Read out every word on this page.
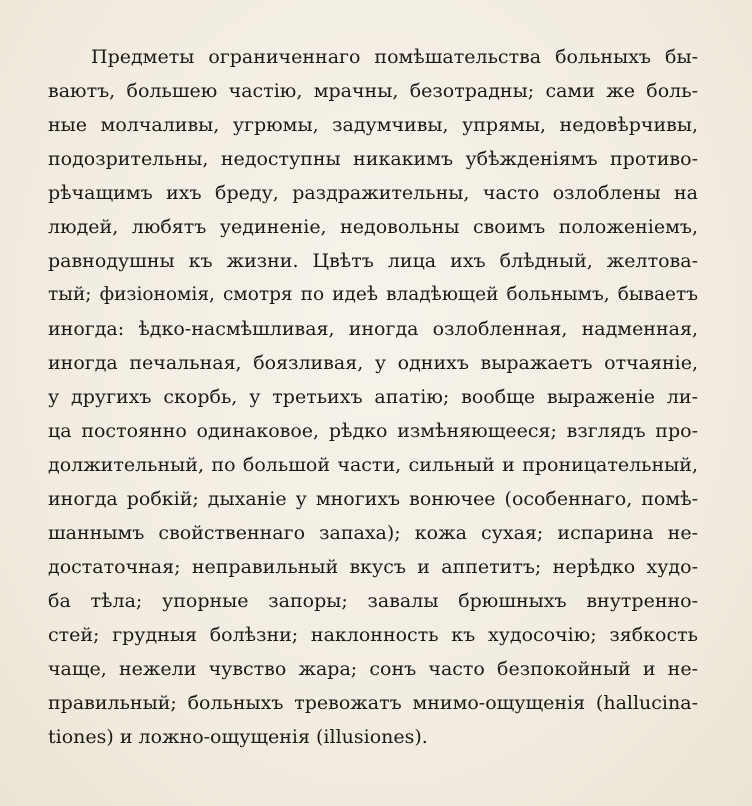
Предметы ограниченнаго помѣшательства больныхъ бы-
ваютъ, большею частію, мрачны, безотрадны; сами же боль-
ные молчаливы, угрюмы, задумчивы, упрямы, недовѣрчивы,
подозрительны, недоступны никакимъ убѣжденіямъ противо-
рѣчащимъ ихъ бреду, раздражительны, часто озлоблены на
людей, любятъ уединеніе, недовольны своимъ положеніемъ,
равнодушны къ жизни. Цвѣтъ лица ихъ блѣдный, желтова-
тый; физіономія, смотря по идеѣ владѣющей больнымъ, бываетъ
иногда: ѣдко-насмѣшливая, иногда озлобленная, надменная,
иногда печальная, боязливая, у однихъ выражаетъ отчаяніе,
у другихъ скорбь, у третьихъ апатію; вообще выраженіе ли-
ца постоянно одинаковое, рѣдко измѣняющееся; взглядъ про-
должительный, по большой части, сильный и проницательный,
иногда робкій; дыханіе у многихъ вонючее (особеннаго, помѣ-
шаннымъ свойственнаго запаха); кожа сухая; испарина не-
достаточная; неправильный вкусъ и аппетитъ; нерѣдко худо-
ба тѣла; упорные запоры; завалы брюшныхъ внутренно-
стей; грудныя болѣзни; наклонность къ худосочію; зябкость
чаще, нежели чувство жара; сонъ часто безпокойный и не-
правильный; больныхъ тревожатъ мнимо-ощущенія (hallucina-
tiones) и ложно-ощущенія (illusiones).
